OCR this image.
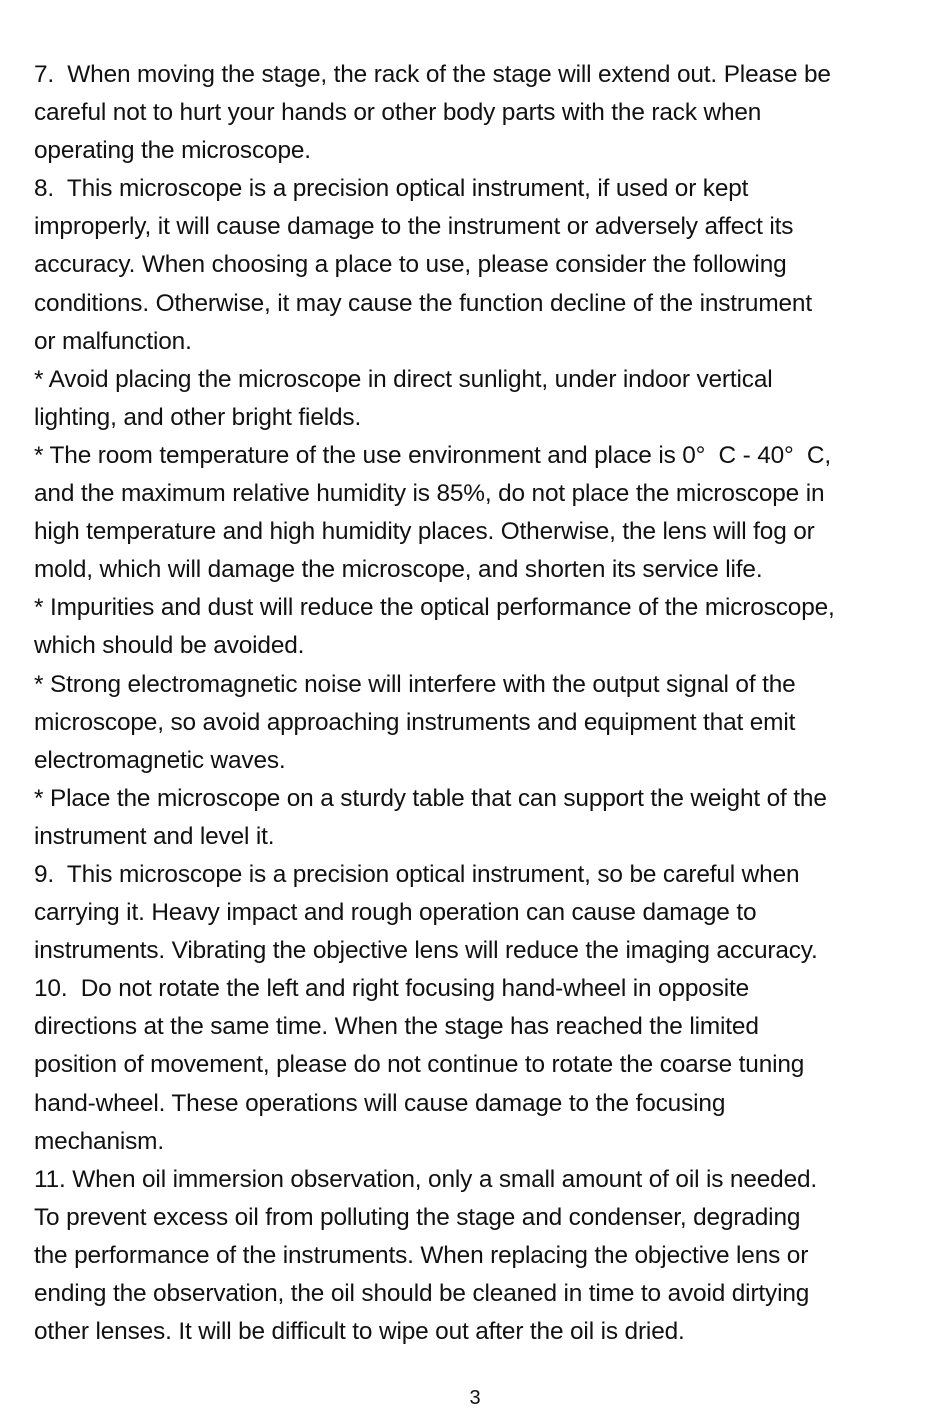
7.  When moving the stage, the rack of the stage will extend out. Please be
careful not to hurt your hands or other body parts with the rack when
operating the microscope.
8.  This microscope is a precision optical instrument, if used or kept
improperly, it will cause damage to the instrument or adversely affect its
accuracy. When choosing a place to use, please consider the following
conditions. Otherwise, it may cause the function decline of the instrument
or malfunction.
* Avoid placing the microscope in direct sunlight, under indoor vertical
lighting, and other bright fields.
* The room temperature of the use environment and place is 0°  C - 40°  C,
and the maximum relative humidity is 85%, do not place the microscope in
high temperature and high humidity places. Otherwise, the lens will fog or
mold, which will damage the microscope, and shorten its service life.
* Impurities and dust will reduce the optical performance of the microscope,
which should be avoided.
* Strong electromagnetic noise will interfere with the output signal of the
microscope, so avoid approaching instruments and equipment that emit
electromagnetic waves.
* Place the microscope on a sturdy table that can support the weight of the
instrument and level it.
9.  This microscope is a precision optical instrument, so be careful when
carrying it. Heavy impact and rough operation can cause damage to
instruments. Vibrating the objective lens will reduce the imaging accuracy.
10.  Do not rotate the left and right focusing hand-wheel in opposite
directions at the same time. When the stage has reached the limited
position of movement, please do not continue to rotate the coarse tuning
hand-wheel. These operations will cause damage to the focusing
mechanism.
11. When oil immersion observation, only a small amount of oil is needed.
To prevent excess oil from polluting the stage and condenser, degrading
the performance of the instruments. When replacing the objective lens or
ending the observation, the oil should be cleaned in time to avoid dirtying
other lenses. It will be difficult to wipe out after the oil is dried.
3
